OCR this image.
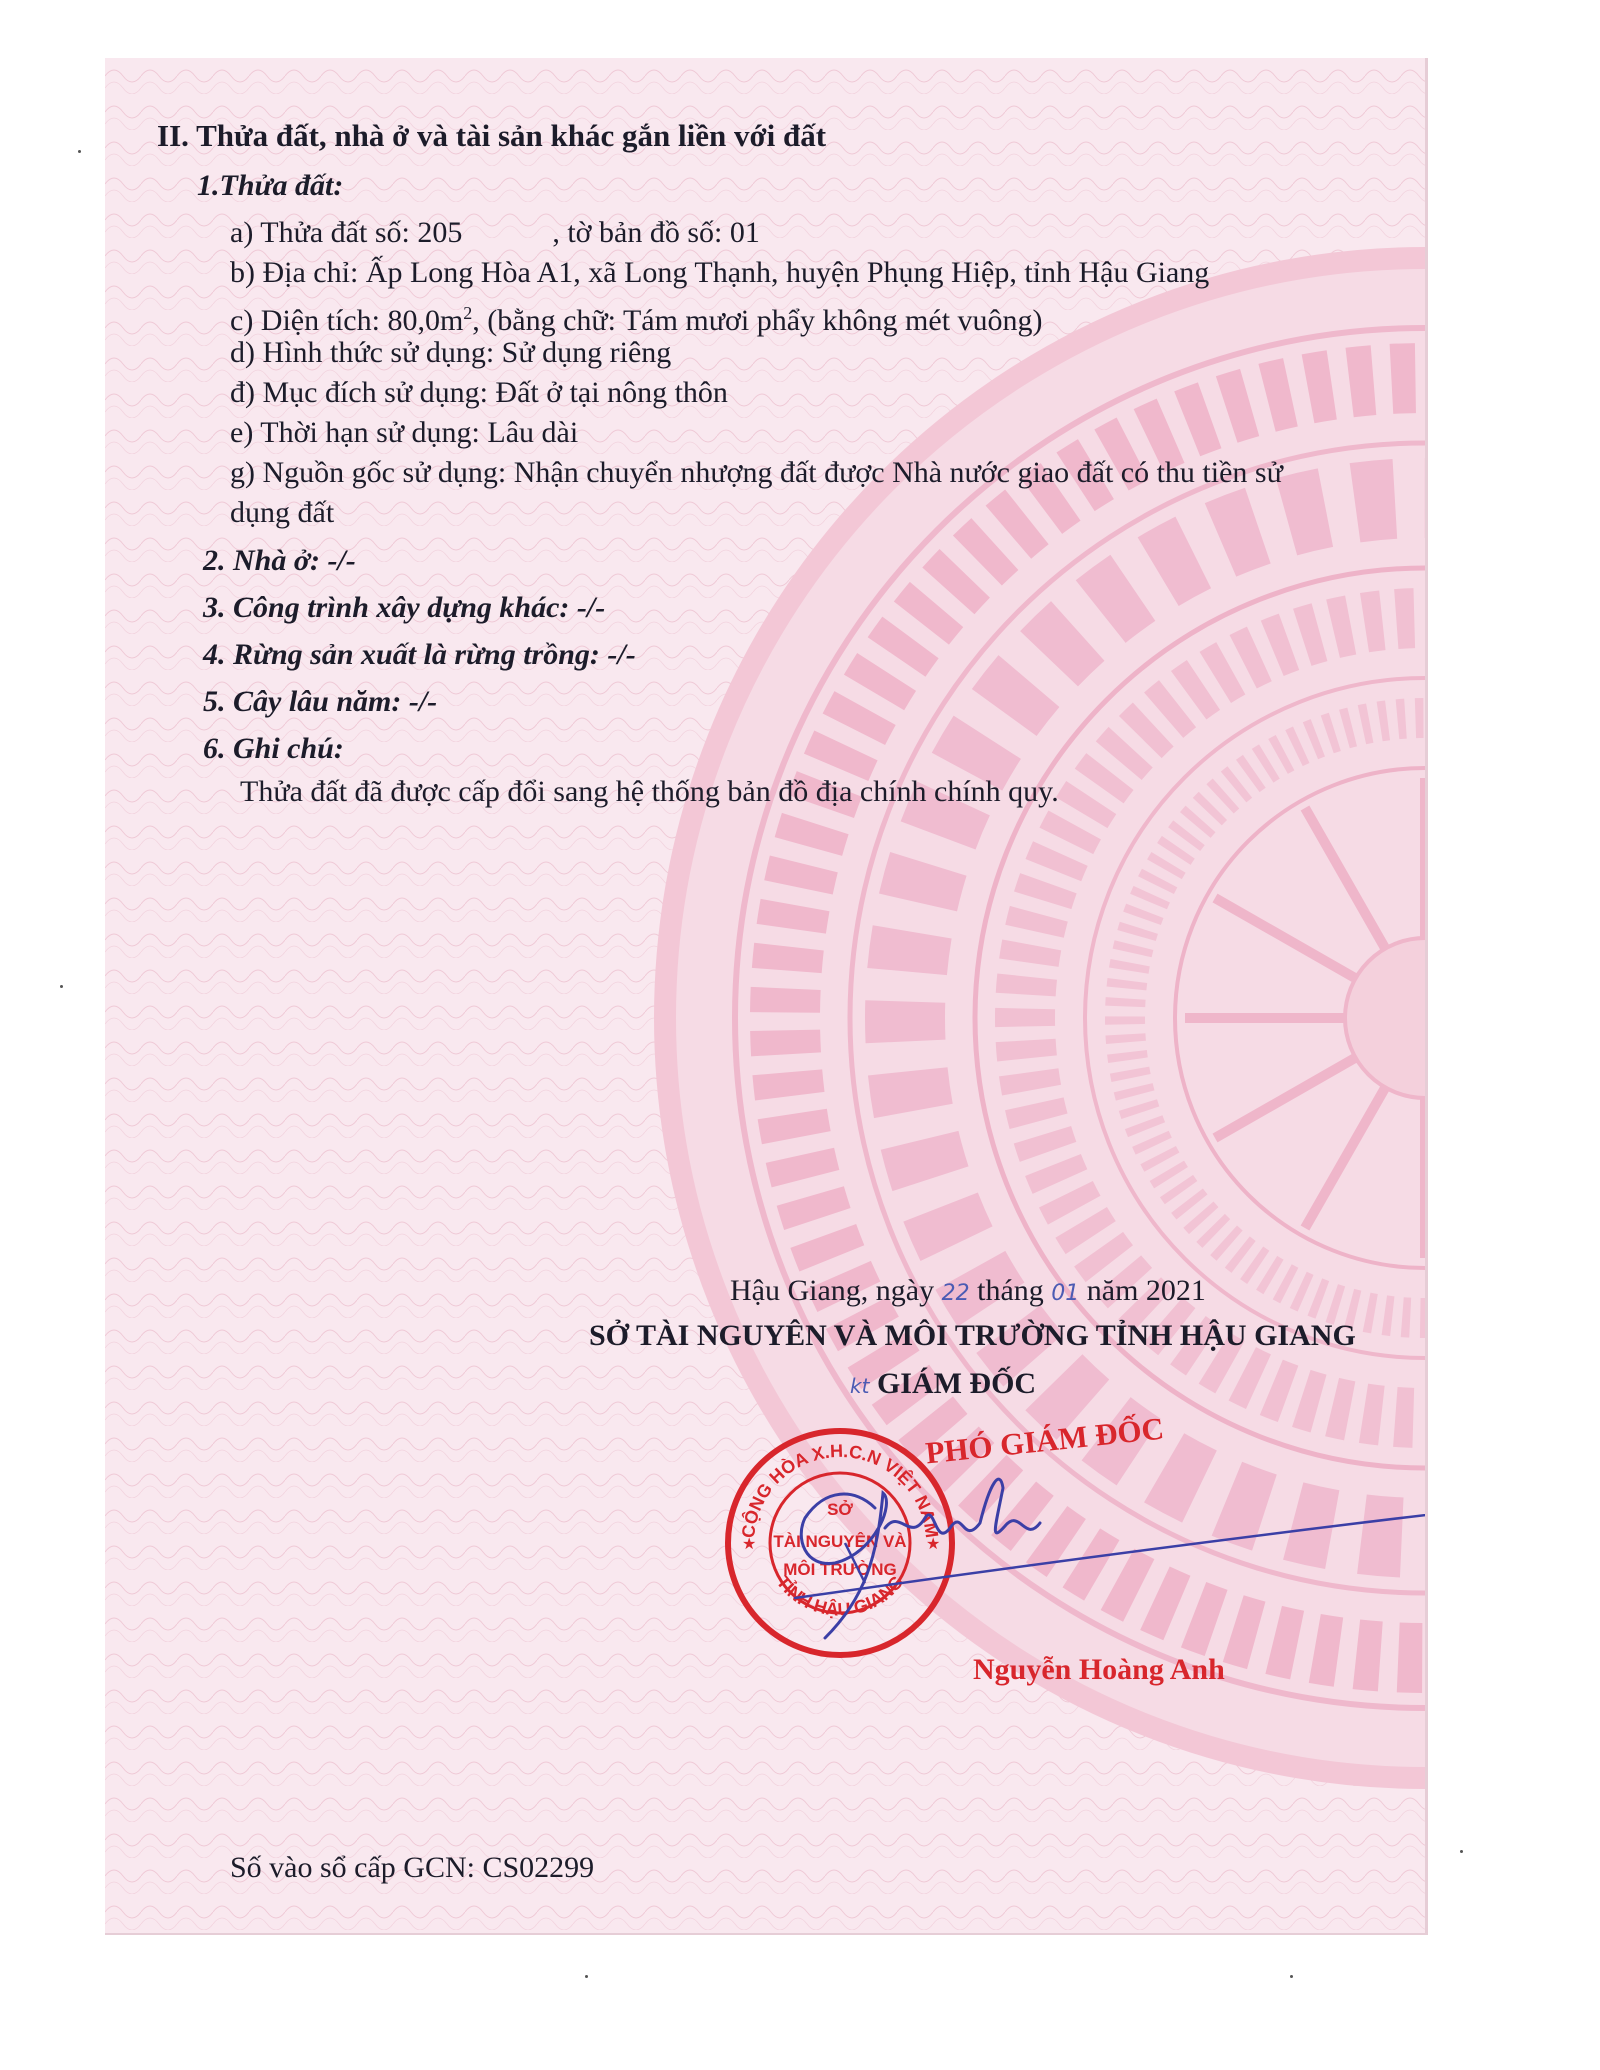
II. Thửa đất, nhà ở và tài sản khác gắn liền với đất
1.Thửa đất:
a) Thửa đất số: 205	, tờ bản đồ số: 01
b) Địa chỉ: Ấp Long Hòa A1, xã Long Thạnh, huyện Phụng Hiệp, tỉnh Hậu Giang
c) Diện tích: $80,0m^2$, (bằng chữ: Tám mươi phẩy không mét vuông)
d) Hình thức sử dụng: Sử dụng riêng
đ) Mục đích sử dụng: Đất ở tại nông thôn
e) Thời hạn sử dụng: Lâu dài
g) Nguồn gốc sử dụng: Nhận chuyển nhượng đất được Nhà nước giao đất có thu tiền sử
dụng đất
2. Nhà ở: -/-
3. Công trình xây dựng khác: -/-
4. Rừng sản xuất là rừng trồng: -/-
5. Cây lâu năm: -/-
6. Ghi chú:
Thửa đất đã được cấp đổi sang hệ thống bản đồ địa chính chính quy.
Hậu Giang, ngày 22 tháng 01 năm 2021
SỞ TÀI NGUYÊN VÀ MÔI TRƯỜNG TỈNH HẬU GIANG
kt GIÁM ĐỐC
PHÓ GIÁM ĐỐC
CỘNG HÒA X.H.C.N VIỆT NAM
TỈNH HẬU GIANG
★	★
SỞ
TÀI NGUYÊN VÀ
MÔI TRƯỜNG
Nguyễn Hoàng Anh
Số vào sổ cấp GCN: CS02299
